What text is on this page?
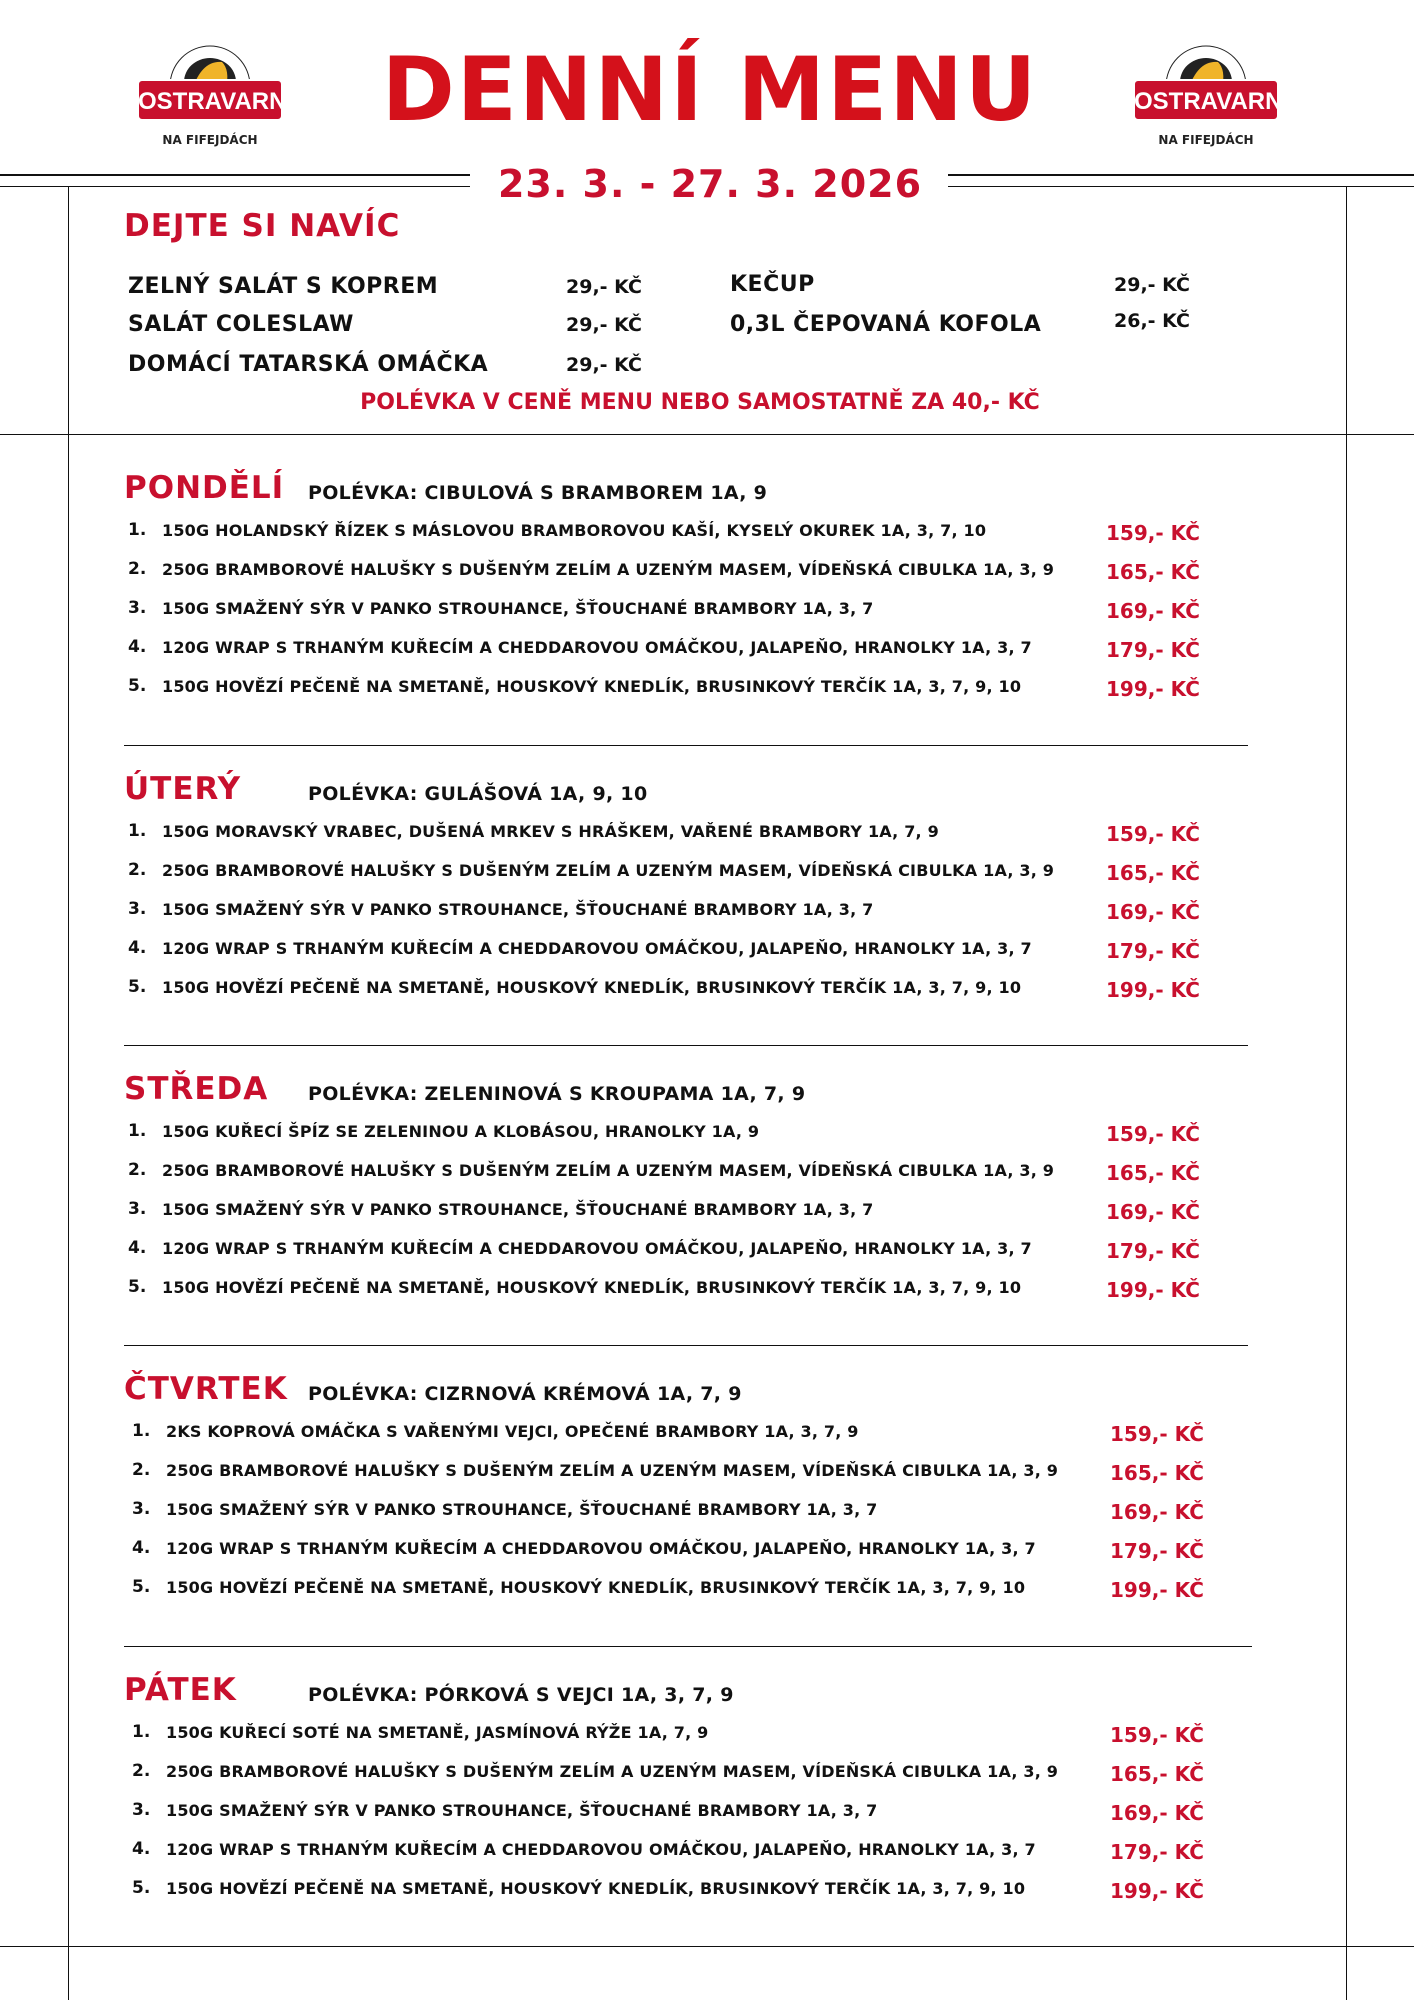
OSTRAVARNA
NA FIFEJDÁCH
OSTRAVARNA
NA FIFEJDÁCH
DENNÍ MENU
23. 3. - 27. 3. 2026
DEJTE SI NAVÍC
ZELNÝ SALÁT S KOPREM	29,- KČ
SALÁT COLESLAW	29,- KČ
DOMÁCÍ TATARSKÁ OMÁČKA	29,- KČ
KEČUP	29,- KČ
0,3L ČEPOVANÁ KOFOLA	26,- KČ
POLÉVKA V CENĚ MENU NEBO SAMOSTATNĚ ZA 40,- KČ
PONDĚLÍ POLÉVKA: CIBULOVÁ S BRAMBOREM 1A, 9
1. 150G HOLANDSKÝ ŘÍZEK S MÁSLOVOU BRAMBOROVOU KAŠÍ, KYSELÝ OKUREK 1A, 3, 7, 10	159,- KČ
2. 250G BRAMBOROVÉ HALUŠKY S DUŠENÝM ZELÍM A UZENÝM MASEM, VÍDEŇSKÁ CIBULKA 1A, 3, 9	165,- KČ
3. 150G SMAŽENÝ SÝR V PANKO STROUHANCE, ŠŤOUCHANÉ BRAMBORY 1A, 3, 7	169,- KČ
4. 120G WRAP S TRHANÝM KUŘECÍM A CHEDDAROVOU OMÁČKOU, JALAPEŇO, HRANOLKY 1A, 3, 7	179,- KČ
5. 150G HOVĚZÍ PEČENĚ NA SMETANĚ, HOUSKOVÝ KNEDLÍK, BRUSINKOVÝ TERČÍK 1A, 3, 7, 9, 10	199,- KČ
ÚTERÝ	POLÉVKA: GULÁŠOVÁ 1A, 9, 10
1. 150G MORAVSKÝ VRABEC, DUŠENÁ MRKEV S HRÁŠKEM, VAŘENÉ BRAMBORY 1A, 7, 9	159,- KČ
2. 250G BRAMBOROVÉ HALUŠKY S DUŠENÝM ZELÍM A UZENÝM MASEM, VÍDEŇSKÁ CIBULKA 1A, 3, 9	165,- KČ
3. 150G SMAŽENÝ SÝR V PANKO STROUHANCE, ŠŤOUCHANÉ BRAMBORY 1A, 3, 7	169,- KČ
4. 120G WRAP S TRHANÝM KUŘECÍM A CHEDDAROVOU OMÁČKOU, JALAPEŇO, HRANOLKY 1A, 3, 7	179,- KČ
5. 150G HOVĚZÍ PEČENĚ NA SMETANĚ, HOUSKOVÝ KNEDLÍK, BRUSINKOVÝ TERČÍK 1A, 3, 7, 9, 10	199,- KČ
STŘEDA POLÉVKA: ZELENINOVÁ S KROUPAMA 1A, 7, 9
1. 150G KUŘECÍ ŠPÍZ SE ZELENINOU A KLOBÁSOU, HRANOLKY 1A, 9	159,- KČ
2. 250G BRAMBOROVÉ HALUŠKY S DUŠENÝM ZELÍM A UZENÝM MASEM, VÍDEŇSKÁ CIBULKA 1A, 3, 9	165,- KČ
3. 150G SMAŽENÝ SÝR V PANKO STROUHANCE, ŠŤOUCHANÉ BRAMBORY 1A, 3, 7	169,- KČ
4. 120G WRAP S TRHANÝM KUŘECÍM A CHEDDAROVOU OMÁČKOU, JALAPEŇO, HRANOLKY 1A, 3, 7	179,- KČ
5. 150G HOVĚZÍ PEČENĚ NA SMETANĚ, HOUSKOVÝ KNEDLÍK, BRUSINKOVÝ TERČÍK 1A, 3, 7, 9, 10	199,- KČ
ČTVRTEK POLÉVKA: CIZRNOVÁ KRÉMOVÁ 1A, 7, 9
1. 2KS KOPROVÁ OMÁČKA S VAŘENÝMI VEJCI, OPEČENÉ BRAMBORY 1A, 3, 7, 9	159,- KČ
2. 250G BRAMBOROVÉ HALUŠKY S DUŠENÝM ZELÍM A UZENÝM MASEM, VÍDEŇSKÁ CIBULKA 1A, 3, 9	165,- KČ
3. 150G SMAŽENÝ SÝR V PANKO STROUHANCE, ŠŤOUCHANÉ BRAMBORY 1A, 3, 7	169,- KČ
4. 120G WRAP S TRHANÝM KUŘECÍM A CHEDDAROVOU OMÁČKOU, JALAPEŇO, HRANOLKY 1A, 3, 7	179,- KČ
5. 150G HOVĚZÍ PEČENĚ NA SMETANĚ, HOUSKOVÝ KNEDLÍK, BRUSINKOVÝ TERČÍK 1A, 3, 7, 9, 10	199,- KČ
PÁTEK	POLÉVKA: PÓRKOVÁ S VEJCI 1A, 3, 7, 9
1. 150G KUŘECÍ SOTÉ NA SMETANĚ, JASMÍNOVÁ RÝŽE 1A, 7, 9	159,- KČ
2. 250G BRAMBOROVÉ HALUŠKY S DUŠENÝM ZELÍM A UZENÝM MASEM, VÍDEŇSKÁ CIBULKA 1A, 3, 9	165,- KČ
3. 150G SMAŽENÝ SÝR V PANKO STROUHANCE, ŠŤOUCHANÉ BRAMBORY 1A, 3, 7	169,- KČ
4. 120G WRAP S TRHANÝM KUŘECÍM A CHEDDAROVOU OMÁČKOU, JALAPEŇO, HRANOLKY 1A, 3, 7	179,- KČ
5. 150G HOVĚZÍ PEČENĚ NA SMETANĚ, HOUSKOVÝ KNEDLÍK, BRUSINKOVÝ TERČÍK 1A, 3, 7, 9, 10	199,- KČ
